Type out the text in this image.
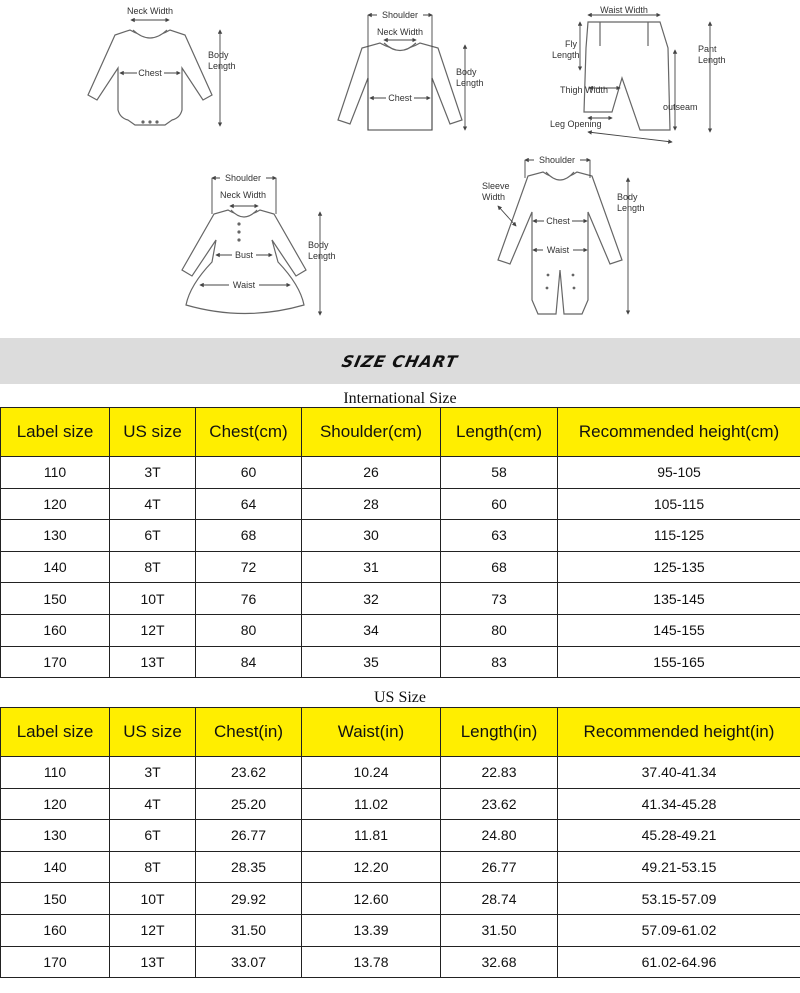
Neck Width
Chest
Body
Length
Shoulder
Neck Width
Chest
Body
Length
Waist Width
Fly
Length
Thigh Width
Leg Opening
outseam
Pant
Length
Shoulder
Neck Width
Bust
Waist
Body
Length
Shoulder
Sleeve
Width
Chest
Waist
Body
Length
SIZE CHART
International Size
Label size	US size	Chest(cm)	Shoulder(cm)	Length(cm)	Recommended height(cm)
110	3T	60	26	58	95-105
120	4T	64	28	60	105-115
130	6T	68	30	63	115-125
140	8T	72	31	68	125-135
150	10T	76	32	73	135-145
160	12T	80	34	80	145-155
170	13T	84	35	83	155-165
US Size
Label size	US size	Chest(in)	Waist(in)	Length(in)	Recommended height(in)
110	3T	23.62	10.24	22.83	37.40-41.34
120	4T	25.20	11.02	23.62	41.34-45.28
130	6T	26.77	11.81	24.80	45.28-49.21
140	8T	28.35	12.20	26.77	49.21-53.15
150	10T	29.92	12.60	28.74	53.15-57.09
160	12T	31.50	13.39	31.50	57.09-61.02
170	13T	33.07	13.78	32.68	61.02-64.96
